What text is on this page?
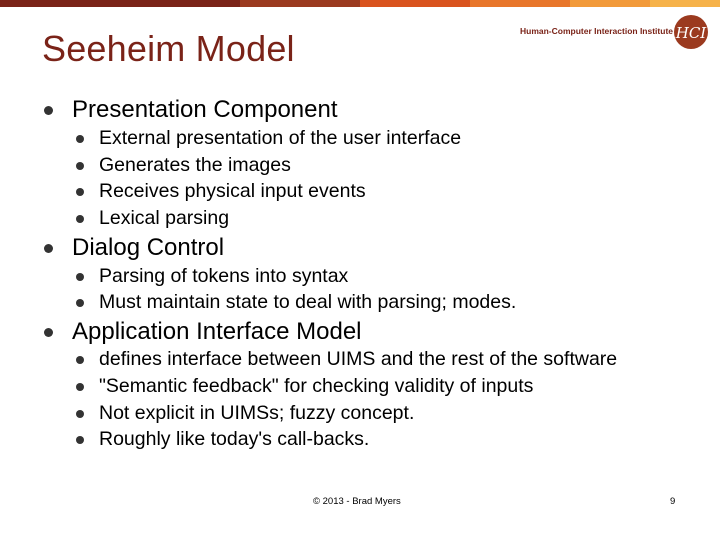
Seeheim Model	Human-Computer Interaction Institute HCI
Presentation Component
External presentation of the user interface
Generates the images
Receives physical input events
Lexical parsing
Dialog Control
Parsing of tokens into syntax
Must maintain state to deal with parsing; modes.
Application Interface Model
defines interface between UIMS and the rest of the software
"Semantic feedback" for checking validity of inputs
Not explicit in UIMSs; fuzzy concept.
Roughly like today's call-backs.
© 2013 - Brad Myers	9
